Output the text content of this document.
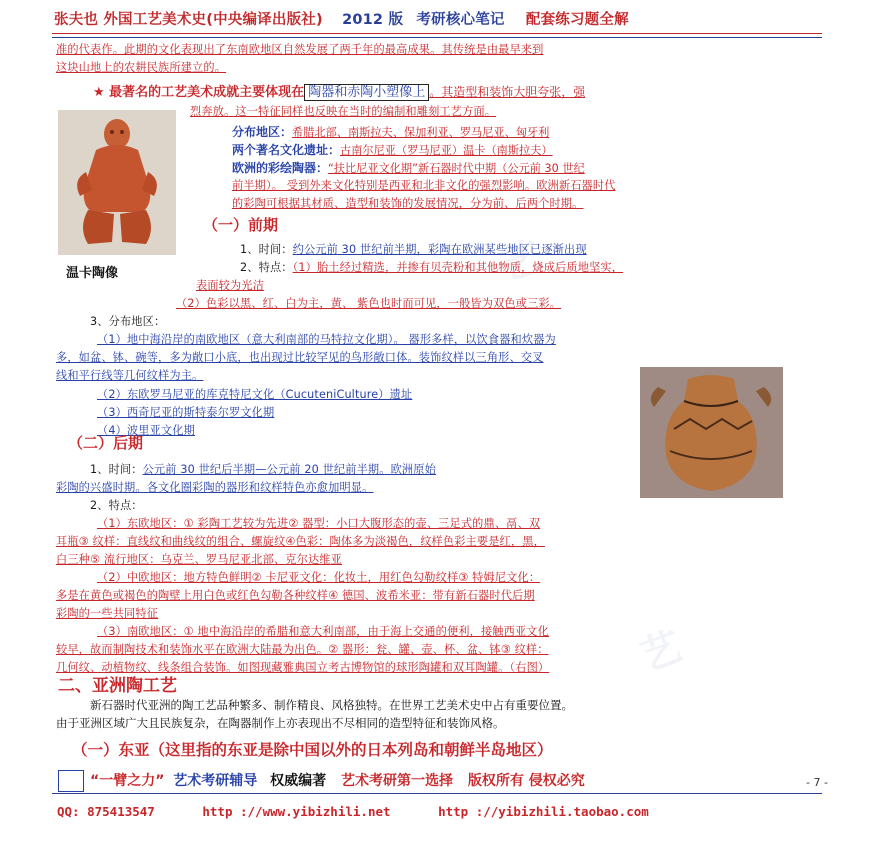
艺
艺
张夫也 外国工艺美术史(中央编译出版社) 2012 版 考研核心笔记 配套练习题全解
准的代表作。此期的文化表现出了东南欧地区自然发展了两千年的最高成果。其传统是由最早来到
这块山地上的农耕民族所建立的。
★ 最著名的工艺美术成就主要体现在 陶器和赤陶小塑像上 。其造型和装饰大胆夸张，强
烈奔放。这一特征同样也反映在当时的编制和雕刻工艺方面。
温卡陶像
分布地区：希腊北部、南斯拉夫、保加利亚、罗马尼亚、匈牙利
两个著名文化遗址：古南尔尼亚（罗马尼亚）温卡（南斯拉夫）
欧洲的彩绘陶器：“扶比尼亚文化期”新石器时代中期（公元前 30 世纪
前半期）。 受到外来文化特别是西亚和北非文化的强烈影响。欧洲新石器时代
的彩陶可根据其材质、造型和装饰的发展情况，分为前、后两个时期。
（一）前期
1、时间：约公元前 30 世纪前半期，彩陶在欧洲某些地区已逐渐出现
2、特点：（1）胎土经过精选，并掺有贝壳粉和其他物质，烧成后质地坚实，
表面较为光洁
（2）色彩以黑、红、白为主，黄、 紫色也时而可见，一般皆为双色或三彩。
3、分布地区：
（1）地中海沿岸的南欧地区（意大利南部的马特拉文化期）。 器形多样，以饮食器和炊器为
多，如盆、钵、碗等，多为敞口小底，也出现过比较罕见的鸟形敞口体。装饰纹样以三角形、交叉
线和平行线等几何纹样为主。
（2）东欧罗马尼亚的库克特尼文化（CucuteniCulture）遗址
（3）西奇尼亚的斯特泰尔罗文化期
（4）波里亚文化期
（二）后期
1、时间：公元前 30 世纪后半期—公元前 20 世纪前半期。欧洲原始
彩陶的兴盛时期。各文化圈彩陶的器形和纹样特色亦愈加明显。
2、特点：
（1）东欧地区：① 彩陶工艺较为先进② 器型：小口大腹形态的壶、三足式的鼎、鬲、双
耳瓶③ 纹样：直线纹和曲线纹的组合、螺旋纹④色彩：陶体多为淡褐色，纹样色彩主要是红，黑，
白三种⑤ 流行地区：乌克兰、罗马尼亚北部、克尔达维亚
（2）中欧地区：地方特色鲜明② 卡尼亚文化：化妆土，用红色勾勒纹样③ 特姆尼文化：
多是在黄色或褐色的陶壁上用白色或红色勾勒各种纹样④ 德国、波希米亚：带有新石器时代后期
彩陶的一些共同特征
（3）南欧地区：① 地中海沿岸的希腊和意大利南部，由于海上交通的便利，接触西亚文化
较早，故而制陶技术和装饰水平在欧洲大陆最为出色。② 器形：瓮、罐、壶、杯、盆、钵③ 纹样：
几何纹、动植物纹、线条组合装饰。如图现藏雅典国立考古博物馆的球形陶罐和双耳陶罐。（右图）
二、亚洲陶工艺
新石器时代亚洲的陶工艺品种繁多、制作精良、风格独特。在世界工艺美术史中占有重要位置。
由于亚洲区域广大且民族复杂，在陶器制作上亦表现出不尽相同的造型特征和装饰风格。
（一）东亚（这里指的东亚是除中国以外的日本列岛和朝鲜半岛地区）
“一臂之力” 艺术考研辅导 权威编著 艺术考研第一选择 版权所有 侵权必究	- 7 -
QQ: 875413547	http ://www.yibizhili.net	http ://yibizhili.taobao.com
